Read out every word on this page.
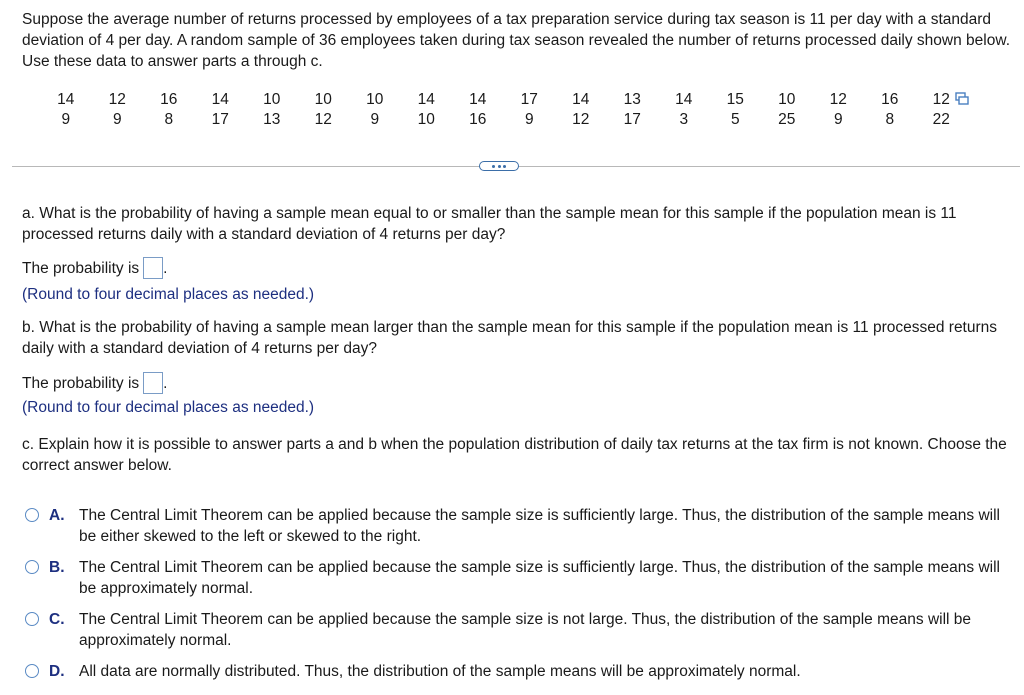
Suppose the average number of returns processed by employees of a tax preparation service during tax season is 11 per day with a standard deviation of 4 per day. A random sample of 36 employees taken during tax season revealed the number of returns processed daily shown below. Use these data to answer parts a through c.
14	12	16	14	10	10	10	14	14	17	14	13	14	15	10	12	16	12
9	9	8	17	13	12	9	10	16	9	12	17	3	5	25	9	8	22
a. What is the probability of having a sample mean equal to or smaller than the sample mean for this sample if the population mean is 11 processed returns daily with a standard deviation of 4 returns per day?
The probability is .
(Round to four decimal places as needed.)
b. What is the probability of having a sample mean larger than the sample mean for this sample if the population mean is 11 processed returns daily with a standard deviation of 4 returns per day?
The probability is .
(Round to four decimal places as needed.)
c. Explain how it is possible to answer parts a and b when the population distribution of daily tax returns at the tax firm is not known. Choose the correct answer below.
A. The Central Limit Theorem can be applied because the sample size is sufficiently large. Thus, the distribution of the sample means will be either skewed to the left or skewed to the right.
B. The Central Limit Theorem can be applied because the sample size is sufficiently large. Thus, the distribution of the sample means will be approximately normal.
C. The Central Limit Theorem can be applied because the sample size is not large. Thus, the distribution of the sample means will be approximately normal.
D. All data are normally distributed. Thus, the distribution of the sample means will be approximately normal.
